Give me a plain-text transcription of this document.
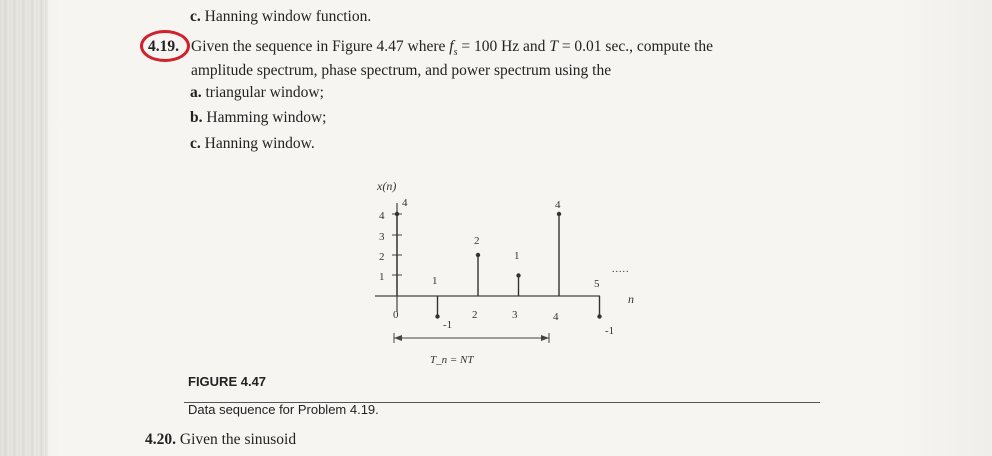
c. Hanning window function.
4.19. Given the sequence in Figure 4.47 where $f_s = 100$ Hz and T = 0.01 sec., compute the
amplitude spectrum, phase spectrum, and power spectrum using the
a. triangular window;
b. Hamming window;
c. Hanning window.
4
3
2
1
x(n)
4
1
2
1
4
5
-1	-1
0	2	3	4
n
.....
T_n = NT
FIGURE 4.47
Data sequence for Problem 4.19.
4.20. Given the sinusoid
